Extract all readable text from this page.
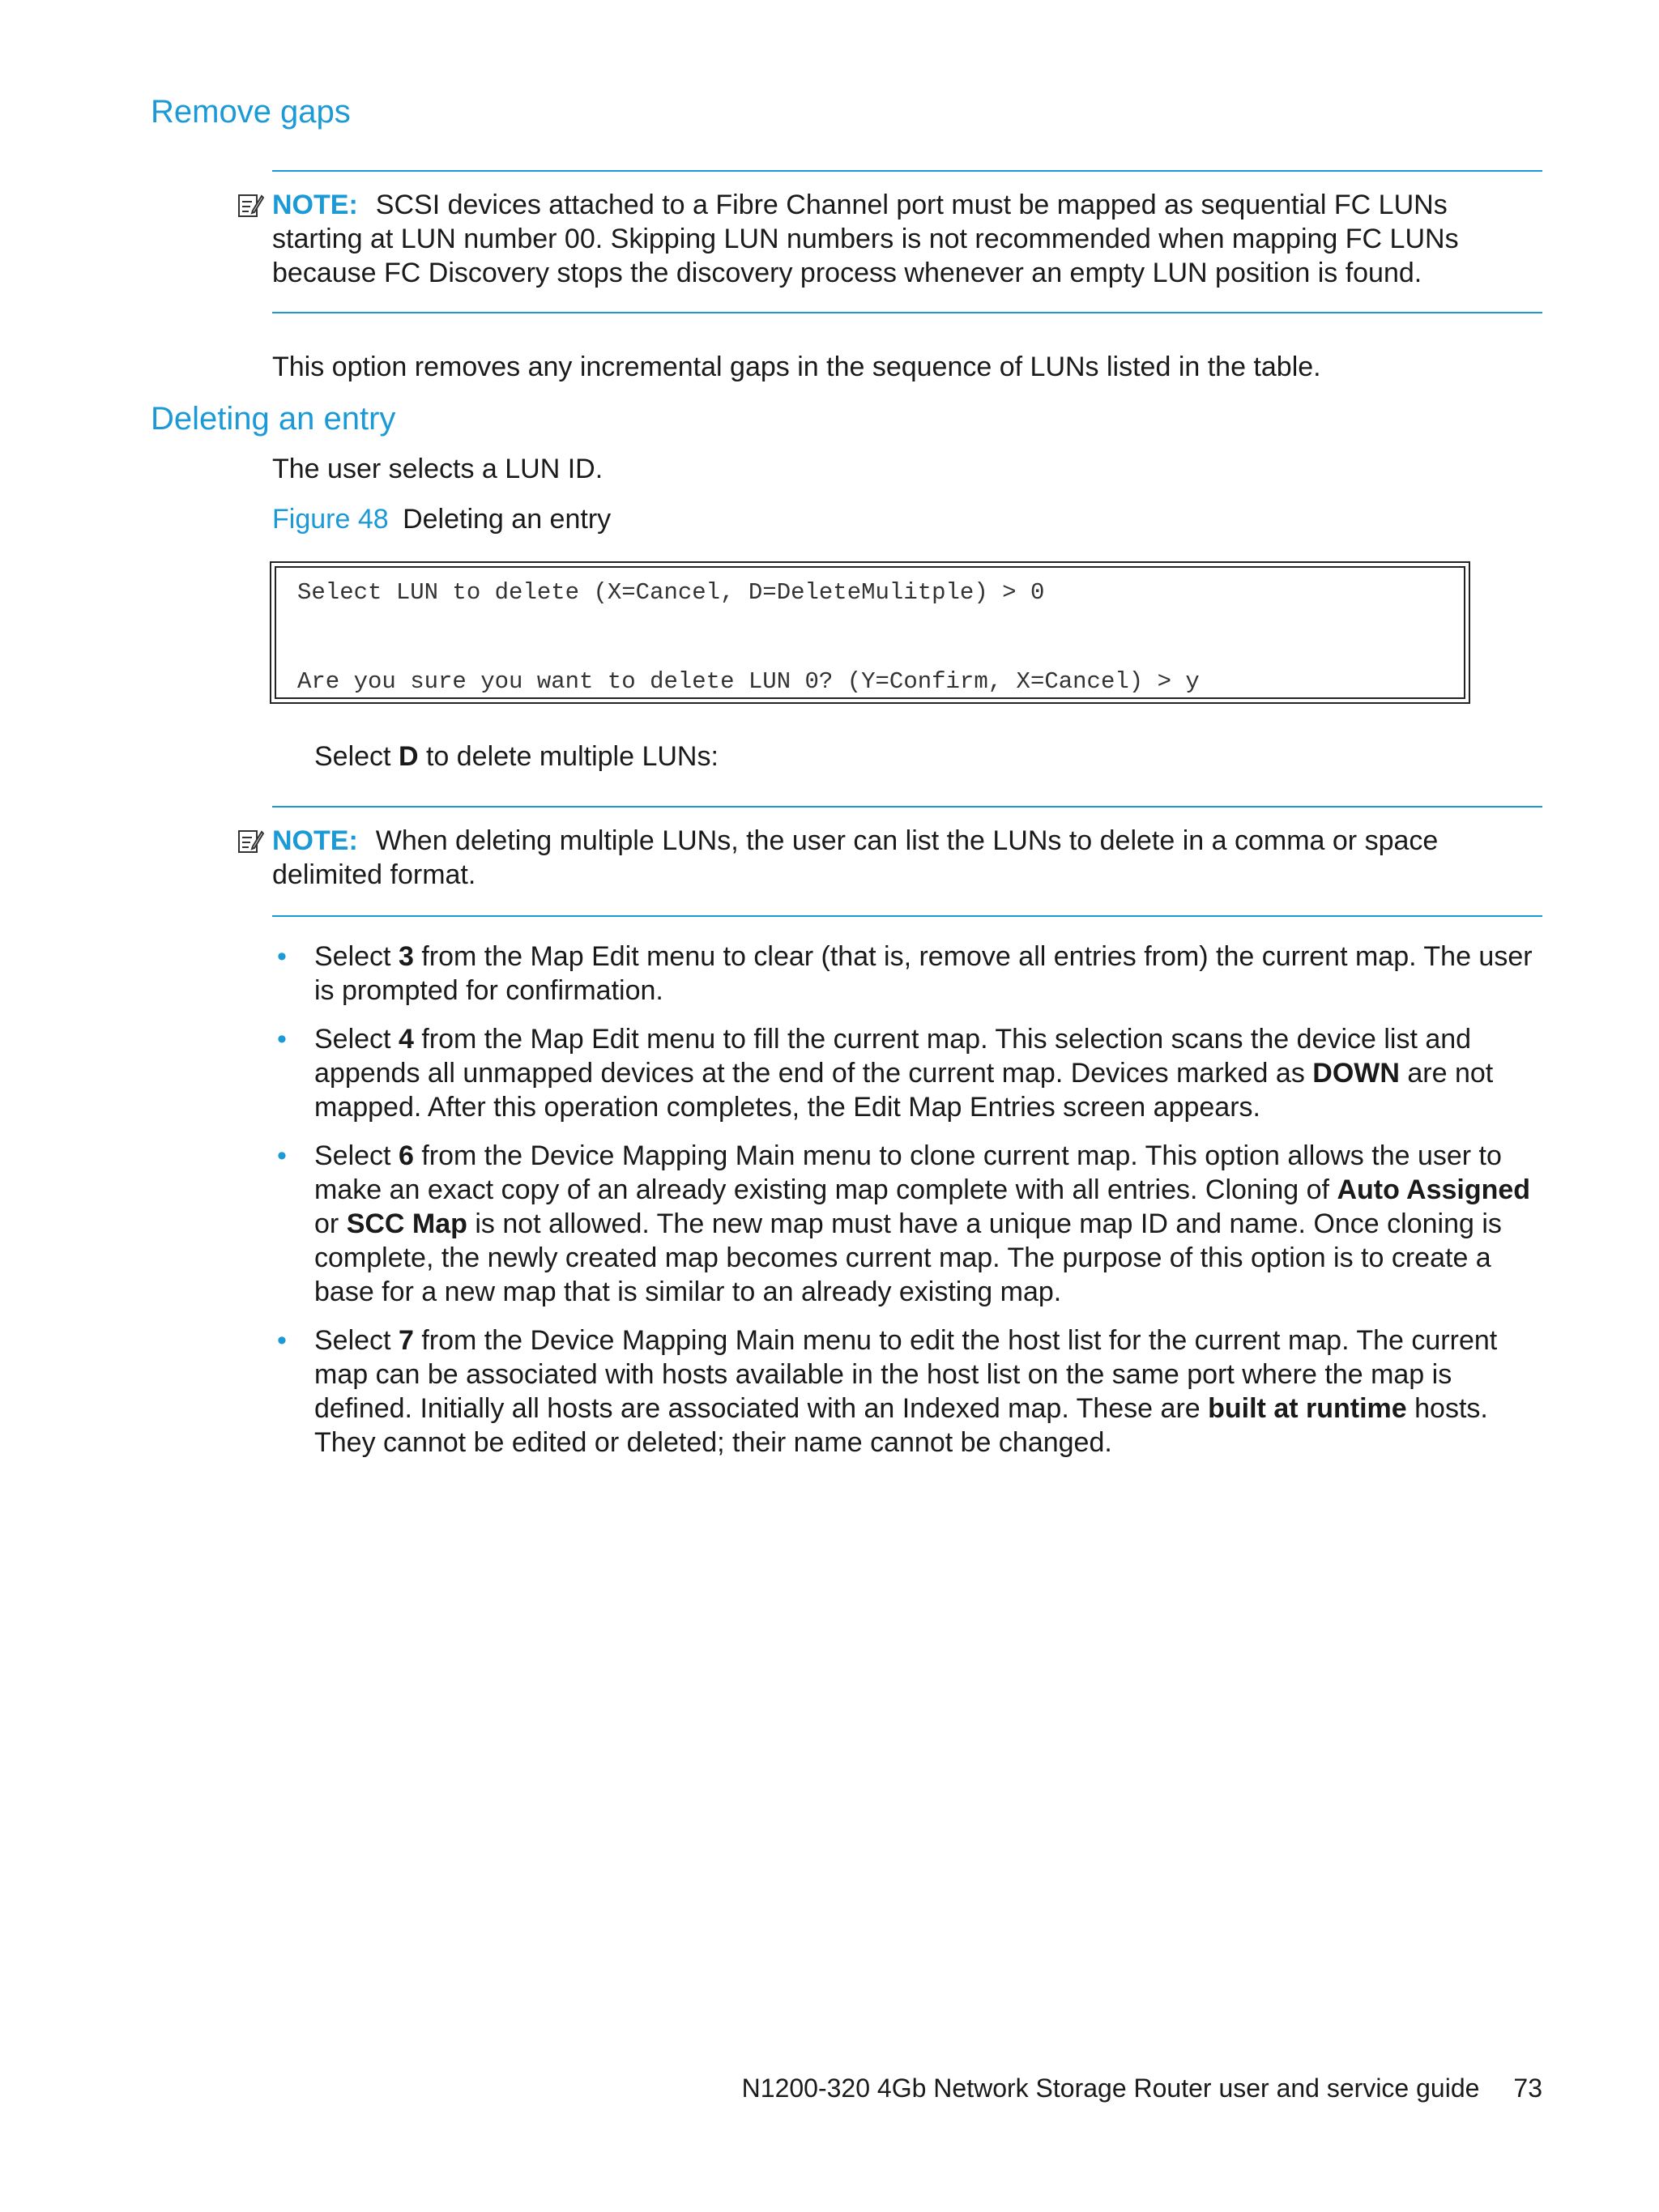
Remove gaps
NOTE: SCSI devices attached to a Fibre Channel port must be mapped as sequential FC LUNs starting at LUN number 00. Skipping LUN numbers is not recommended when mapping FC LUNs because FC Discovery stops the discovery process whenever an empty LUN position is found.
This option removes any incremental gaps in the sequence of LUNs listed in the table.
Deleting an entry
The user selects a LUN ID.
Figure 48 Deleting an entry
Select LUN to delete (X=Cancel, D=DeleteMulitple) > 0
Are you sure you want to delete LUN 0? (Y=Confirm, X=Cancel) > y
Select D to delete multiple LUNs:
NOTE: When deleting multiple LUNs, the user can list the LUNs to delete in a comma or space delimited format.
• Select 3 from the Map Edit menu to clear (that is, remove all entries from) the current map. The user is prompted for confirmation.
• Select 4 from the Map Edit menu to fill the current map. This selection scans the device list and appends all unmapped devices at the end of the current map. Devices marked as DOWN are not mapped. After this operation completes, the Edit Map Entries screen appears.
• Select 6 from the Device Mapping Main menu to clone current map. This option allows the user to make an exact copy of an already existing map complete with all entries. Cloning of Auto Assigned or SCC Map is not allowed. The new map must have a unique map ID and name. Once cloning is complete, the newly created map becomes current map. The purpose of this option is to create a base for a new map that is similar to an already existing map.
• Select 7 from the Device Mapping Main menu to edit the host list for the current map. The current map can be associated with hosts available in the host list on the same port where the map is defined. Initially all hosts are associated with an Indexed map. These are built at runtime hosts. They cannot be edited or deleted; their name cannot be changed.
N1200-320 4Gb Network Storage Router user and service guide 73
